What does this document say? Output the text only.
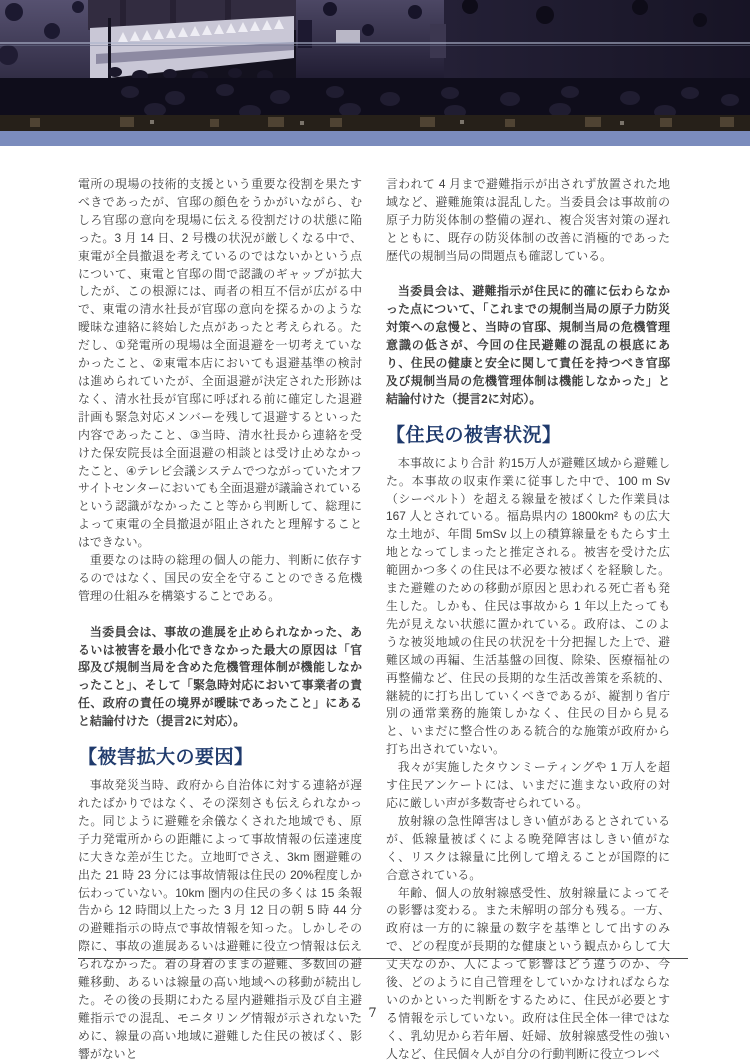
電所の現場の技術的支援という重要な役割を果たすべきであったが、官邸の顔色をうかがいながら、むしろ官邸の意向を現場に伝える役割だけの状態に陥った。3 月 14 日、2 号機の状況が厳しくなる中で、東電が全員撤退を考えているのではないかという点について、東電と官邸の間で認識のギャップが拡大したが、この根源には、両者の相互不信が広がる中で、東電の清水社長が官邸の意向を探るかのような曖昧な連絡に終始した点があったと考えられる。ただし、①発電所の現場は全面退避を一切考えていなかったこと、②東電本店においても退避基準の検討は進められていたが、全面退避が決定された形跡はなく、清水社長が官邸に呼ばれる前に確定した退避計画も緊急対応メンバーを残して退避するといった内容であったこと、③当時、清水社長から連絡を受けた保安院長は全面退避の相談とは受け止めなかったこと、④テレビ会議システムでつながっていたオフサイトセンターにおいても全面退避が議論されているという認識がなかったこと等から判断して、総理によって東電の全員撤退が阻止されたと理解することはできない。

重要なのは時の総理の個人の能力、判断に依存するのではなく、国民の安全を守ることのできる危機管理の仕組みを構築することである。

当委員会は、事故の進展を止められなかった、あるいは被害を最小化できなかった最大の原因は「官邸及び規制当局を含めた危機管理体制が機能しなかったこと」、そして「緊急時対応において事業者の責任、政府の責任の境界が曖昧であったこと」にあると結論付けた（提言2に対応）。

【被害拡大の要因】

事故発災当時、政府から自治体に対する連絡が遅れたばかりではなく、その深刻さも伝えられなかった。同じように避難を余儀なくされた地域でも、原子力発電所からの距離によって事故情報の伝達速度に大きな差が生じた。立地町でさえ、3km 圏避難の出た 21 時 23 分には事故情報は住民の 20%程度しか伝わっていない。10km 圏内の住民の多くは 15 条報告から 12 時間以上たった 3 月 12 日の朝 5 時 44 分の避難指示の時点で事故情報を知った。しかしその際に、事故の進展あるいは避難に役立つ情報は伝えられなかった。着の身着のままの避難、多数回の避難移動、あるいは線量の高い地域への移動が続出した。その後の長期にわたる屋内避難指示及び自主避難指示での混乱、モニタリング情報が示されないために、線量の高い地域に避難した住民の被ばく、影響がないと

言われて 4 月まで避難指示が出されず放置された地域など、避難施策は混乱した。当委員会は事故前の原子力防災体制の整備の遅れ、複合災害対策の遅れとともに、既存の防災体制の改善に消極的であった歴代の規制当局の問題点も確認している。

当委員会は、避難指示が住民に的確に伝わらなかった点について、「これまでの規制当局の原子力防災対策への怠慢と、当時の官邸、規制当局の危機管理意識の低さが、今回の住民避難の混乱の根底にあり、住民の健康と安全に関して責任を持つべき官邸及び規制当局の危機管理体制は機能しなかった」と結論付けた（提言2に対応）。

【住民の被害状況】

本事故により合計 約15万人が避難区域から避難した。本事故の収束作業に従事した中で、100 m Sv（シーベルト）を超える線量を被ばくした作業員は 167 人とされている。福島県内の 1800km² もの広大な土地が、年間 5mSv 以上の積算線量をもたらす土地となってしまったと推定される。被害を受けた広範囲かつ多くの住民は不必要な被ばくを経験した。また避難のための移動が原因と思われる死亡者も発生した。しかも、住民は事故から 1 年以上たっても先が見えない状態に置かれている。政府は、このような被災地域の住民の状況を十分把握した上で、避難区域の再編、生活基盤の回復、除染、医療福祉の再整備など、住民の長期的な生活改善策を系統的、継続的に打ち出していくべきであるが、縦割り省庁別の通常業務的施策しかなく、住民の目から見ると、いまだに整合性のある統合的な施策が政府から打ち出されていない。

我々が実施したタウンミーティングや 1 万人を超す住民アンケートには、いまだに進まない政府の対応に厳しい声が多数寄せられている。

放射線の急性障害はしきい値があるとされているが、低線量被ばくによる晩発障害はしきい値がなく、リスクは線量に比例して増えることが国際的に合意されている。

年齢、個人の放射線感受性、放射線量によってその影響は変わる。また未解明の部分も残る。一方、政府は一方的に線量の数字を基準として出すのみで、どの程度が長期的な健康という観点からして大丈夫なのか、人によって影響はどう違うのか、今後、どのように自己管理をしていかなければならないのかといった判断をするために、住民が必要とする情報を示していない。政府は住民全体一律ではなく、乳幼児から若年層、妊婦、放射線感受性の強い人など、住民個々人が自分の行動判断に役立つレベ

- 7 -
